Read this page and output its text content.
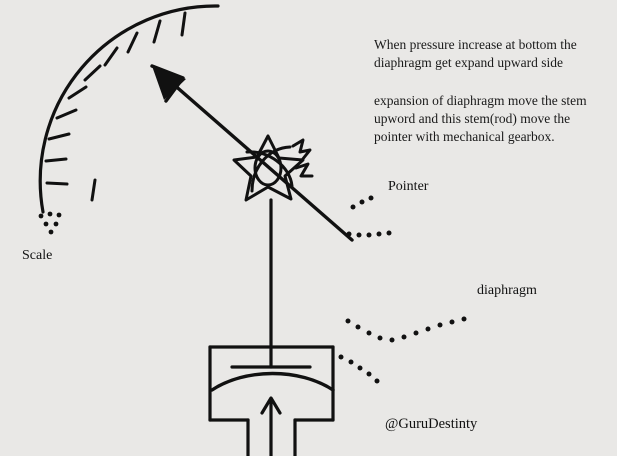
When pressure increase at bottom the diaphragm get expand upward side
expansion of diaphragm move the stem upword and this stem(rod) move the pointer with mechanical gearbox.
Scale
Pointer
diaphragm
@GuruDestinty
